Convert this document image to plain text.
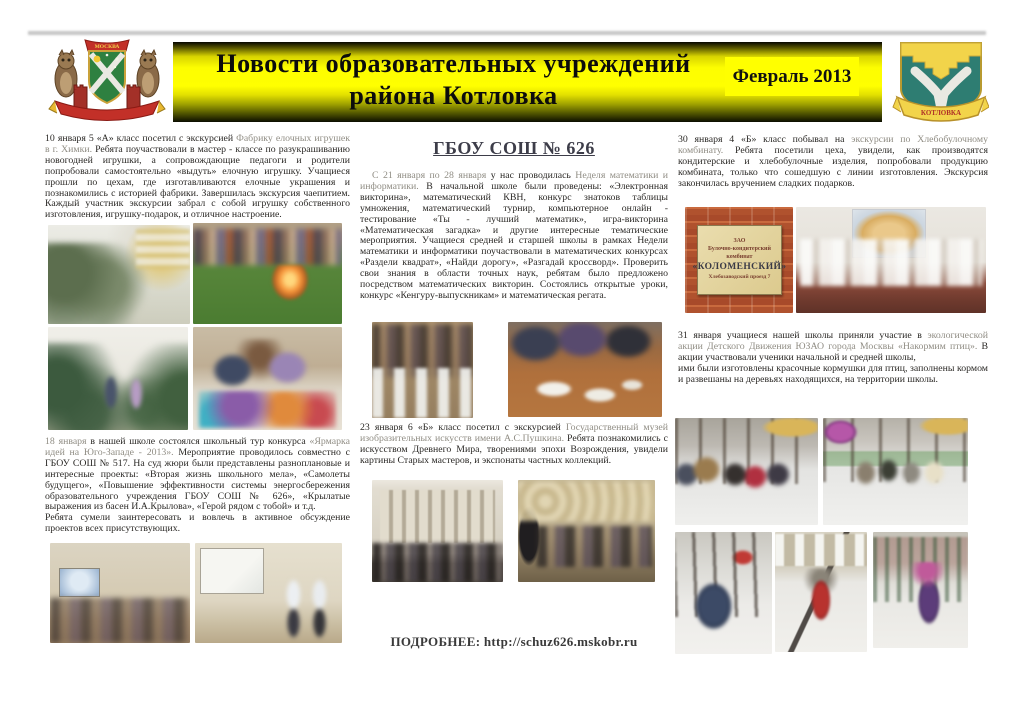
МОСКВА
Новости образовательных учреждений
района Котловка
Февраль 2013
КОТЛОВКА
10 января 5 «А» класс посетил с экскурсией Фабрику елочных игрушек в г. Химки. Ребята поучаствовали в мастер - классе по разукрашиванию новогодней игрушки, а сопровождающие педагоги и родители попробовали самостоятельно «выдуть» елочную игрушку. Учащиеся прошли по цехам, где изготавливаются елочные украшения и познакомились с историей фабрики. Завершилась экскурсия чаепитием. Каждый участник экскурсии забрал с собой игрушку собственного изготовления, игрушку-подарок, и отличное настроение.
18 января в нашей школе состоялся школьный тур конкурса «Ярмарка идей на Юго-Западе - 2013». Мероприятие проводилось совместно с ГБОУ СОШ № 517. На суд жюри были представлены разноплановые и интересные проекты: «Вторая жизнь школьного мела», «Самолеты будущего», «Повышение эффективности системы энергосбережения образовательного учреждения ГБОУ СОШ № 626», «Крылатые выражения из басен И.А.Крылова», «Герой рядом с тобой» и т.д.
Ребята сумели заинтересовать и вовлечь в активное обсуждение проектов всех присутствующих.
ГБОУ СОШ № 626
С 21 января по 28 января у нас проводилась Неделя математики и информатики. В начальной школе были проведены: «Электронная викторина», математический КВН, конкурс знатоков таблицы умножения, математический турнир, компьютерное онлайн - тестирование «Ты - лучший математик», игра-викторина «Математическая загадка» и другие интересные тематические мероприятия. Учащиеся средней и старшей школы в рамках Недели математики и информатики поучаствовали в математических конкурсах «Раздели квадрат», «Найди дорогу», «Разгадай кроссворд». Проверить свои знания в области точных наук, ребятам было предложено посредством математических викторин. Состоялись открытые уроки, конкурс «Кенгуру-выпускникам» и математическая регата.
23 января 6 «Б» класс посетил с экскурсией Государственный музей изобразительных искусств имени А.С.Пушкина. Ребята познакомились с искусством Древнего Мира, творениями эпохи Возрождения, увидели картины Старых мастеров, и экспонаты частных коллекций.
ПОДРОБНЕЕ: http://schuz626.mskobr.ru
30 января 4 «Б» класс побывал на экскурсии по Хлебобулочному комбинату. Ребята посетили цеха, увидели, как производятся кондитерские и хлебобулочные изделия, попробовали продукцию комбината, только что сошедшую с линии изготовления. Экскурсия закончилась вручением сладких подарков.
ЗАО
Булочно-кондитерский
комбинат
«КОЛОМЕНСКИЙ»
Хлебозаводский проезд 7
31 января учащиеся нашей школы приняли участие в экологической акции Детского Движения ЮЗАО города Москвы «Накормим птиц». В акции участвовали ученики начальной и средней школы,
ими были изготовлены красочные кормушки для птиц, заполнены кормом и развешаны на деревьях находящихся, на территории школы.
